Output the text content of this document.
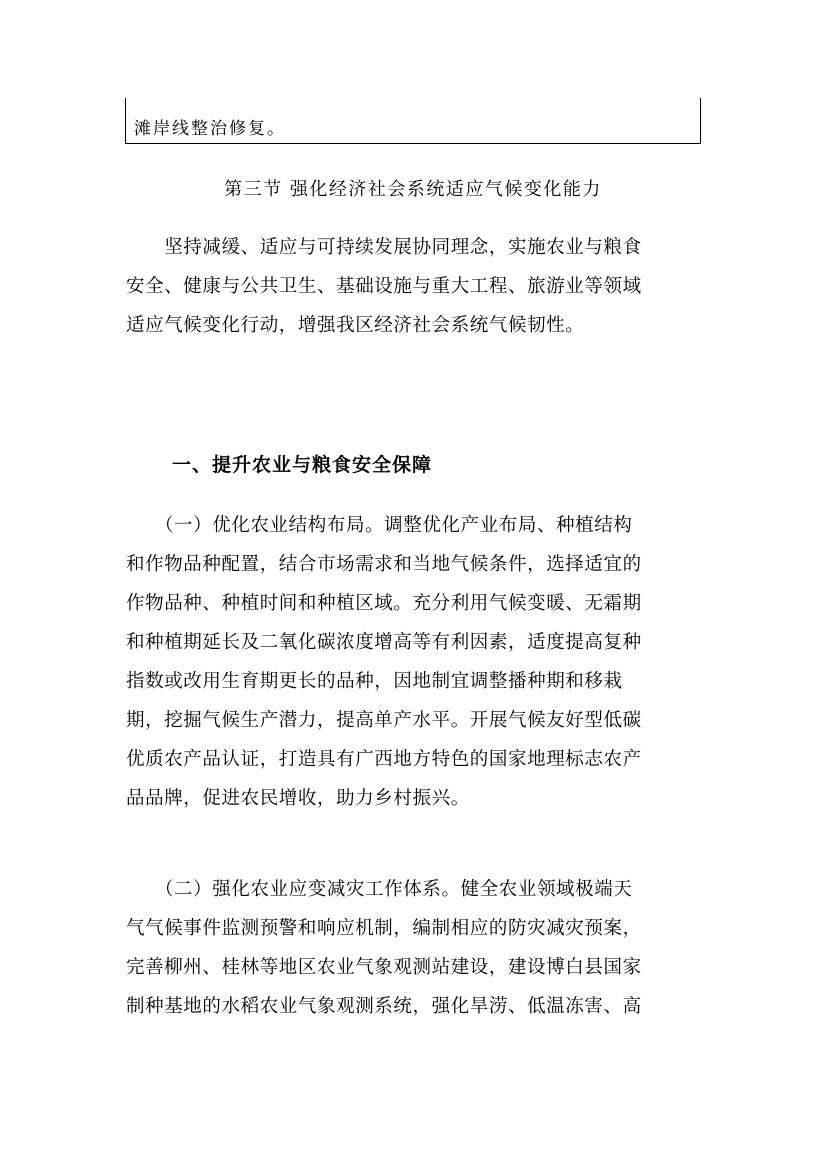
滩岸线整治修复。
第三节 强化经济社会系统适应气候变化能力
　　坚持减缓、适应与可持续发展协同理念，实施农业与粮食
安全、健康与公共卫生、基础设施与重大工程、旅游业等领域
适应气候变化行动，增强我区经济社会系统气候韧性。
一、提升农业与粮食安全保障
　　（一）优化农业结构布局。调整优化产业布局、种植结构
和作物品种配置，结合市场需求和当地气候条件，选择适宜的
作物品种、种植时间和种植区域。充分利用气候变暖、无霜期
和种植期延长及二氧化碳浓度增高等有利因素，适度提高复种
指数或改用生育期更长的品种，因地制宜调整播种期和移栽
期，挖掘气候生产潜力，提高单产水平。开展气候友好型低碳
优质农产品认证，打造具有广西地方特色的国家地理标志农产
品品牌，促进农民增收，助力乡村振兴。
　　（二）强化农业应变减灾工作体系。健全农业领域极端天
气气候事件监测预警和响应机制，编制相应的防灾减灾预案，
完善柳州、桂林等地区农业气象观测站建设，建设博白县国家
制种基地的水稻农业气象观测系统，强化旱涝、低温冻害、高
